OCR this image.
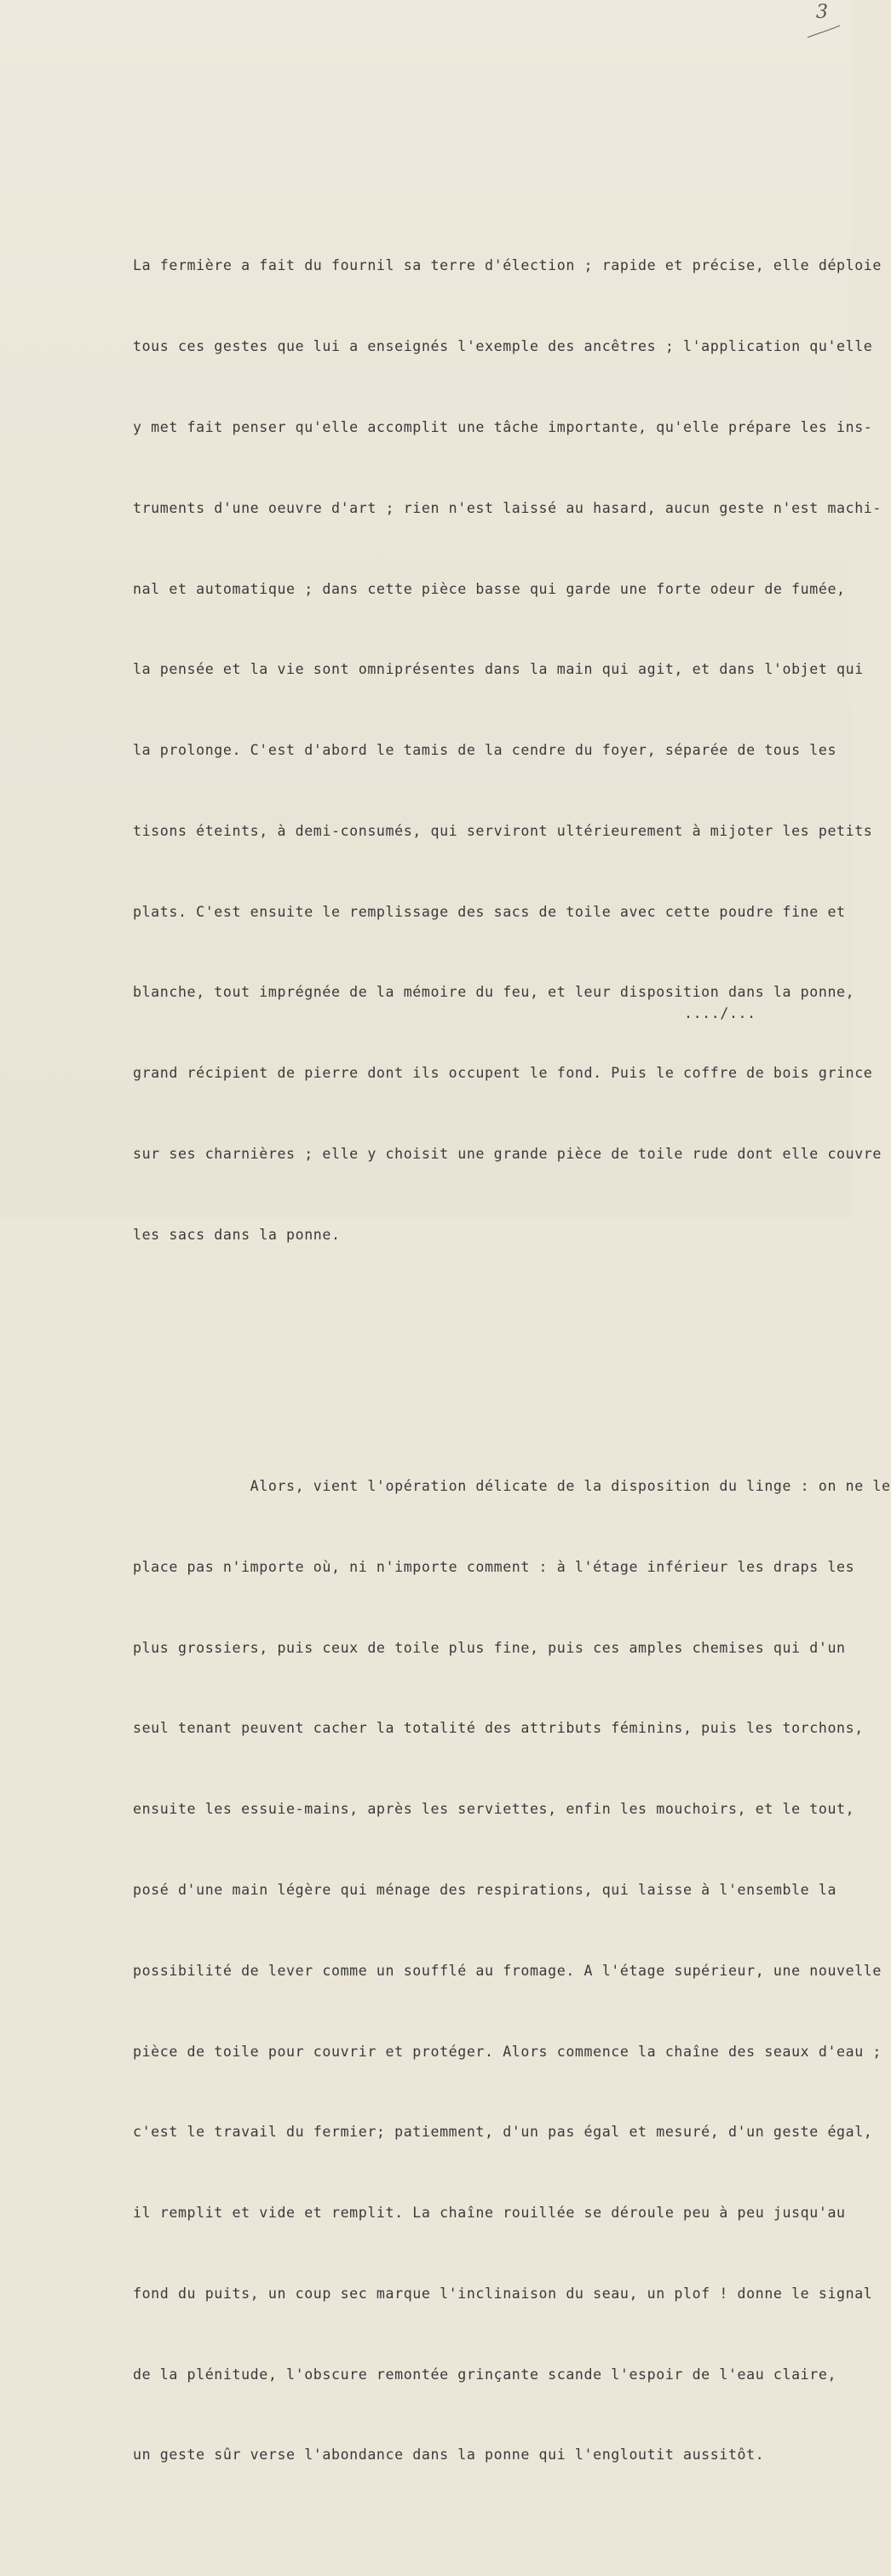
3

La fermière a fait du fournil sa terre d'élection ; rapide et précise, elle déploie

tous ces gestes que lui a enseignés l'exemple des ancêtres ; l'application qu'elle

y met fait penser qu'elle accomplit une tâche importante, qu'elle prépare les ins-

truments d'une oeuvre d'art ; rien n'est laissé au hasard, aucun geste n'est machi-

nal et automatique ; dans cette pièce basse qui garde une forte odeur de fumée,

la pensée et la vie sont omniprésentes dans la main qui agit, et dans l'objet qui

la prolonge. C'est d'abord le tamis de la cendre du foyer, séparée de tous les

tisons éteints, à demi-consumés, qui serviront ultérieurement à mijoter les petits

plats. C'est ensuite le remplissage des sacs de toile avec cette poudre fine et

blanche, tout imprégnée de la mémoire du feu, et leur disposition dans la ponne,

grand récipient de pierre dont ils occupent le fond. Puis le coffre de bois grince

sur ses charnières ; elle y choisit une grande pièce de toile rude dont elle couvre

les sacs dans la ponne.

Alors, vient l'opération délicate de la disposition du linge : on ne le

place pas n'importe où, ni n'importe comment : à l'étage inférieur les draps les

plus grossiers, puis ceux de toile plus fine, puis ces amples chemises qui d'un

seul tenant peuvent cacher la totalité des attributs féminins, puis les torchons,

ensuite les essuie-mains, après les serviettes, enfin les mouchoirs, et le tout,

posé d'une main légère qui ménage des respirations, qui laisse à l'ensemble la

possibilité de lever comme un soufflé au fromage. A l'étage supérieur, une nouvelle

pièce de toile pour couvrir et protéger. Alors commence la chaîne des seaux d'eau ;

c'est le travail du fermier; patiemment, d'un pas égal et mesuré, d'un geste égal,

il remplit et vide et remplit. La chaîne rouillée se déroule peu à peu jusqu'au

fond du puits, un coup sec marque l'inclinaison du seau, un plof ! donne le signal

de la plénitude, l'obscure remontée grinçante scande l'espoir de l'eau claire,

un geste sûr verse l'abondance dans la ponne qui l'engloutit aussitôt.

..../...
